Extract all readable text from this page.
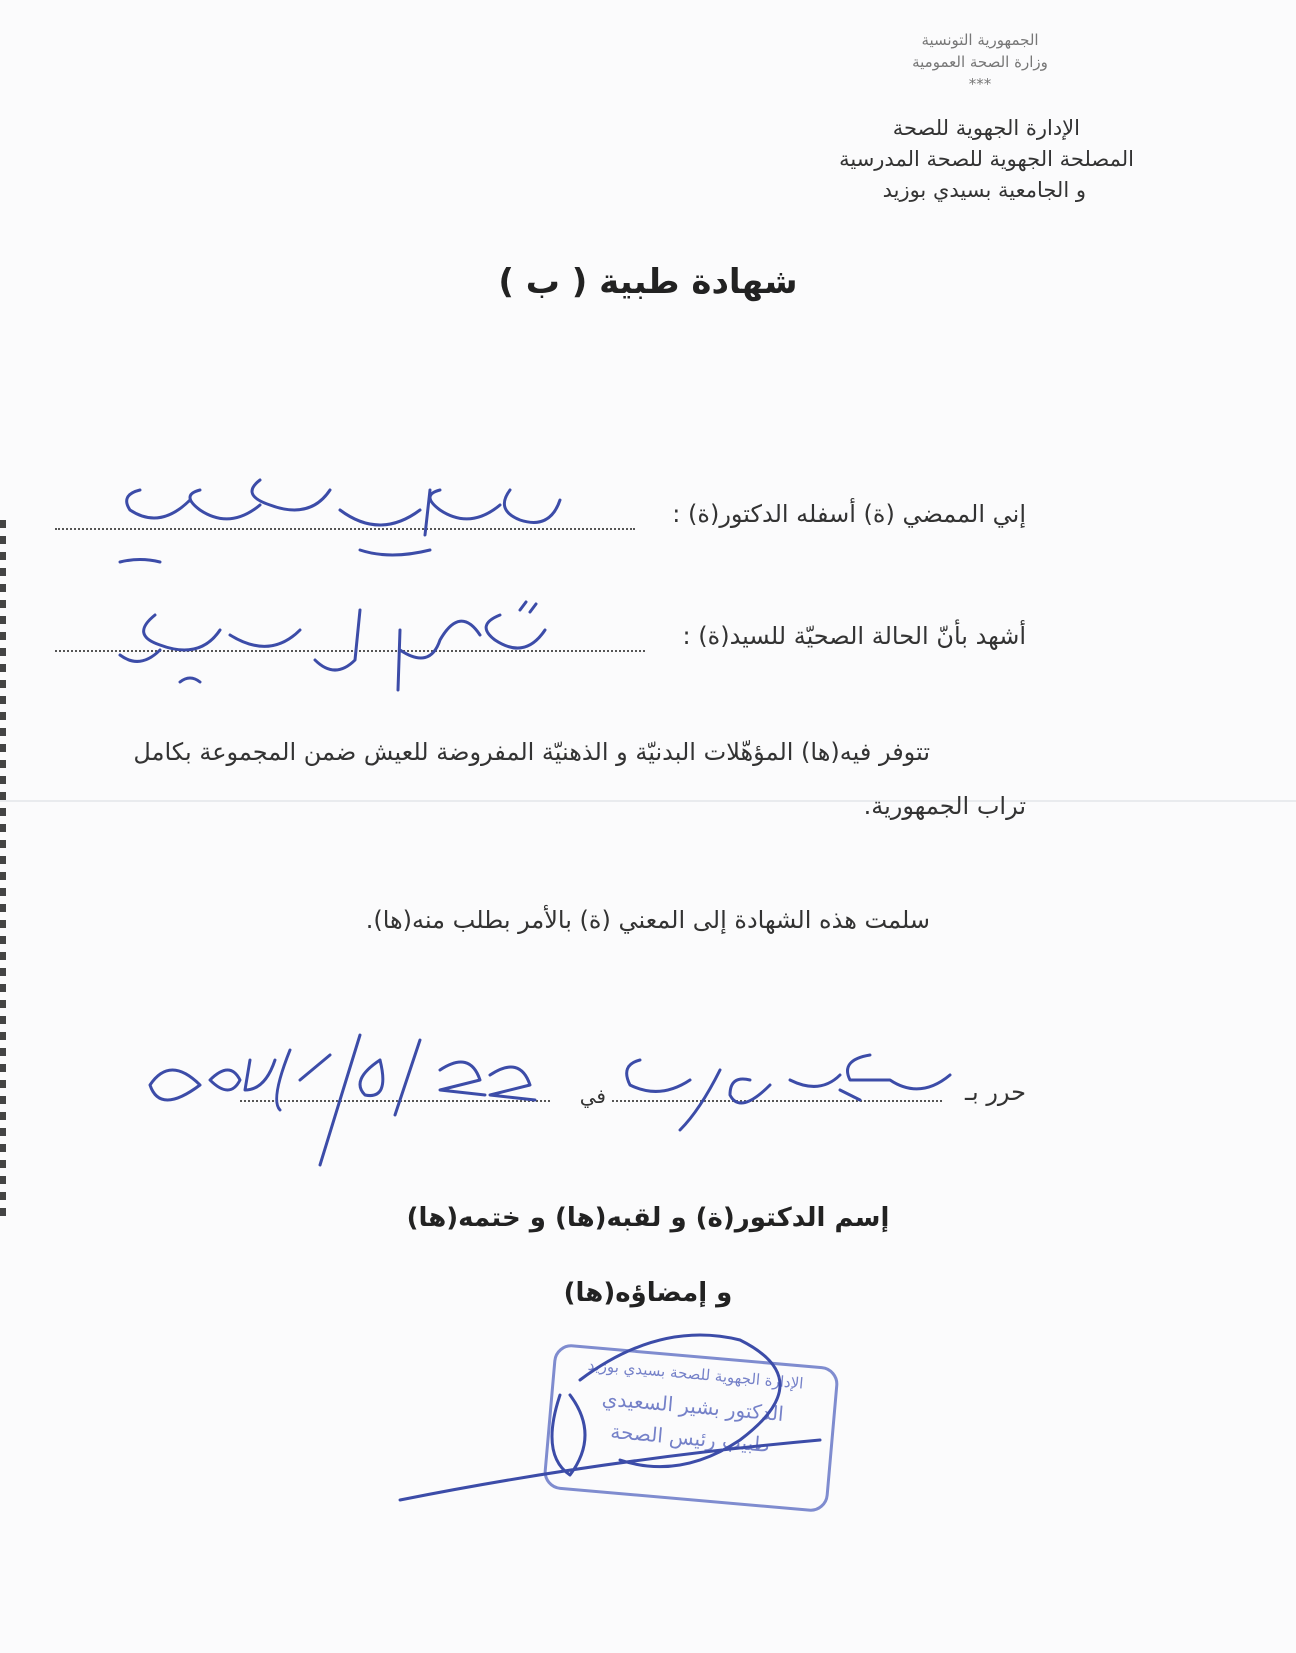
الجمهورية التونسية
وزارة الصحة العمومية
***
الإدارة الجهوية للصحة
المصلحة الجهوية للصحة المدرسية
و الجامعية بسيدي بوزيد
شهادة طبية ( ب )
إني الممضي (ة) أسفله الدكتور(ة) :
أشهد بأنّ الحالة الصحيّة للسيد(ة) :
تتوفر فيه(ها) المؤهّلات البدنيّة و الذهنيّة المفروضة للعيش ضمن المجموعة بكامل
تراب الجمهورية.
سلمت هذه الشهادة إلى المعني (ة) بالأمر بطلب منه(ها).
حرر بـ
في
إسم الدكتور(ة) و لقبه(ها) و ختمه(ها)
و إمضاؤه(ها)
الإدارة الجهوية للصحة بسيدي بوزيد
الدكتور بشير السعيدي
طبيب رئيس الصحة
